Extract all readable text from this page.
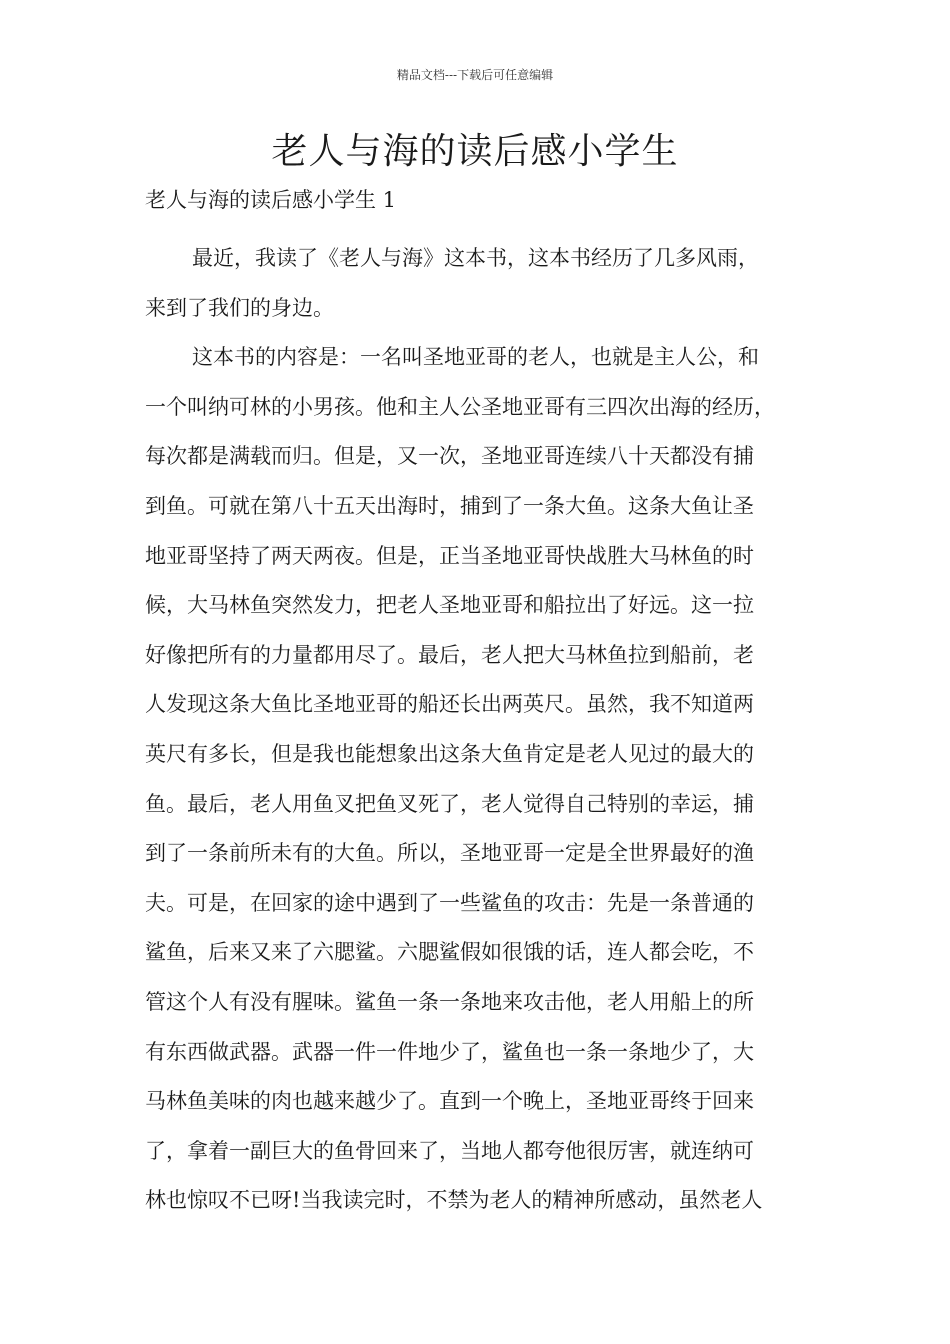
精品文档---下载后可任意编辑
老人与海的读后感小学生
老人与海的读后感小学生 1
最近，我读了《老人与海》这本书，这本书经历了几多风雨，
来到了我们的身边。
这本书的内容是：一名叫圣地亚哥的老人，也就是主人公，和
一个叫纳可林的小男孩。他和主人公圣地亚哥有三四次出海的经历，
每次都是满载而归。但是，又一次，圣地亚哥连续八十天都没有捕
到鱼。可就在第八十五天出海时，捕到了一条大鱼。这条大鱼让圣
地亚哥坚持了两天两夜。但是，正当圣地亚哥快战胜大马林鱼的时
候，大马林鱼突然发力，把老人圣地亚哥和船拉出了好远。这一拉
好像把所有的力量都用尽了。最后，老人把大马林鱼拉到船前，老
人发现这条大鱼比圣地亚哥的船还长出两英尺。虽然，我不知道两
英尺有多长，但是我也能想象出这条大鱼肯定是老人见过的最大的
鱼。最后，老人用鱼叉把鱼叉死了，老人觉得自己特别的幸运，捕
到了一条前所未有的大鱼。所以，圣地亚哥一定是全世界最好的渔
夫。可是，在回家的途中遇到了一些鲨鱼的攻击：先是一条普通的
鲨鱼，后来又来了六腮鲨。六腮鲨假如很饿的话，连人都会吃，不
管这个人有没有腥味。鲨鱼一条一条地来攻击他，老人用船上的所
有东西做武器。武器一件一件地少了，鲨鱼也一条一条地少了，大
马林鱼美味的肉也越来越少了。直到一个晚上，圣地亚哥终于回来
了，拿着一副巨大的鱼骨回来了，当地人都夸他很厉害，就连纳可
林也惊叹不已呀!当我读完时，不禁为老人的精神所感动，虽然老人
